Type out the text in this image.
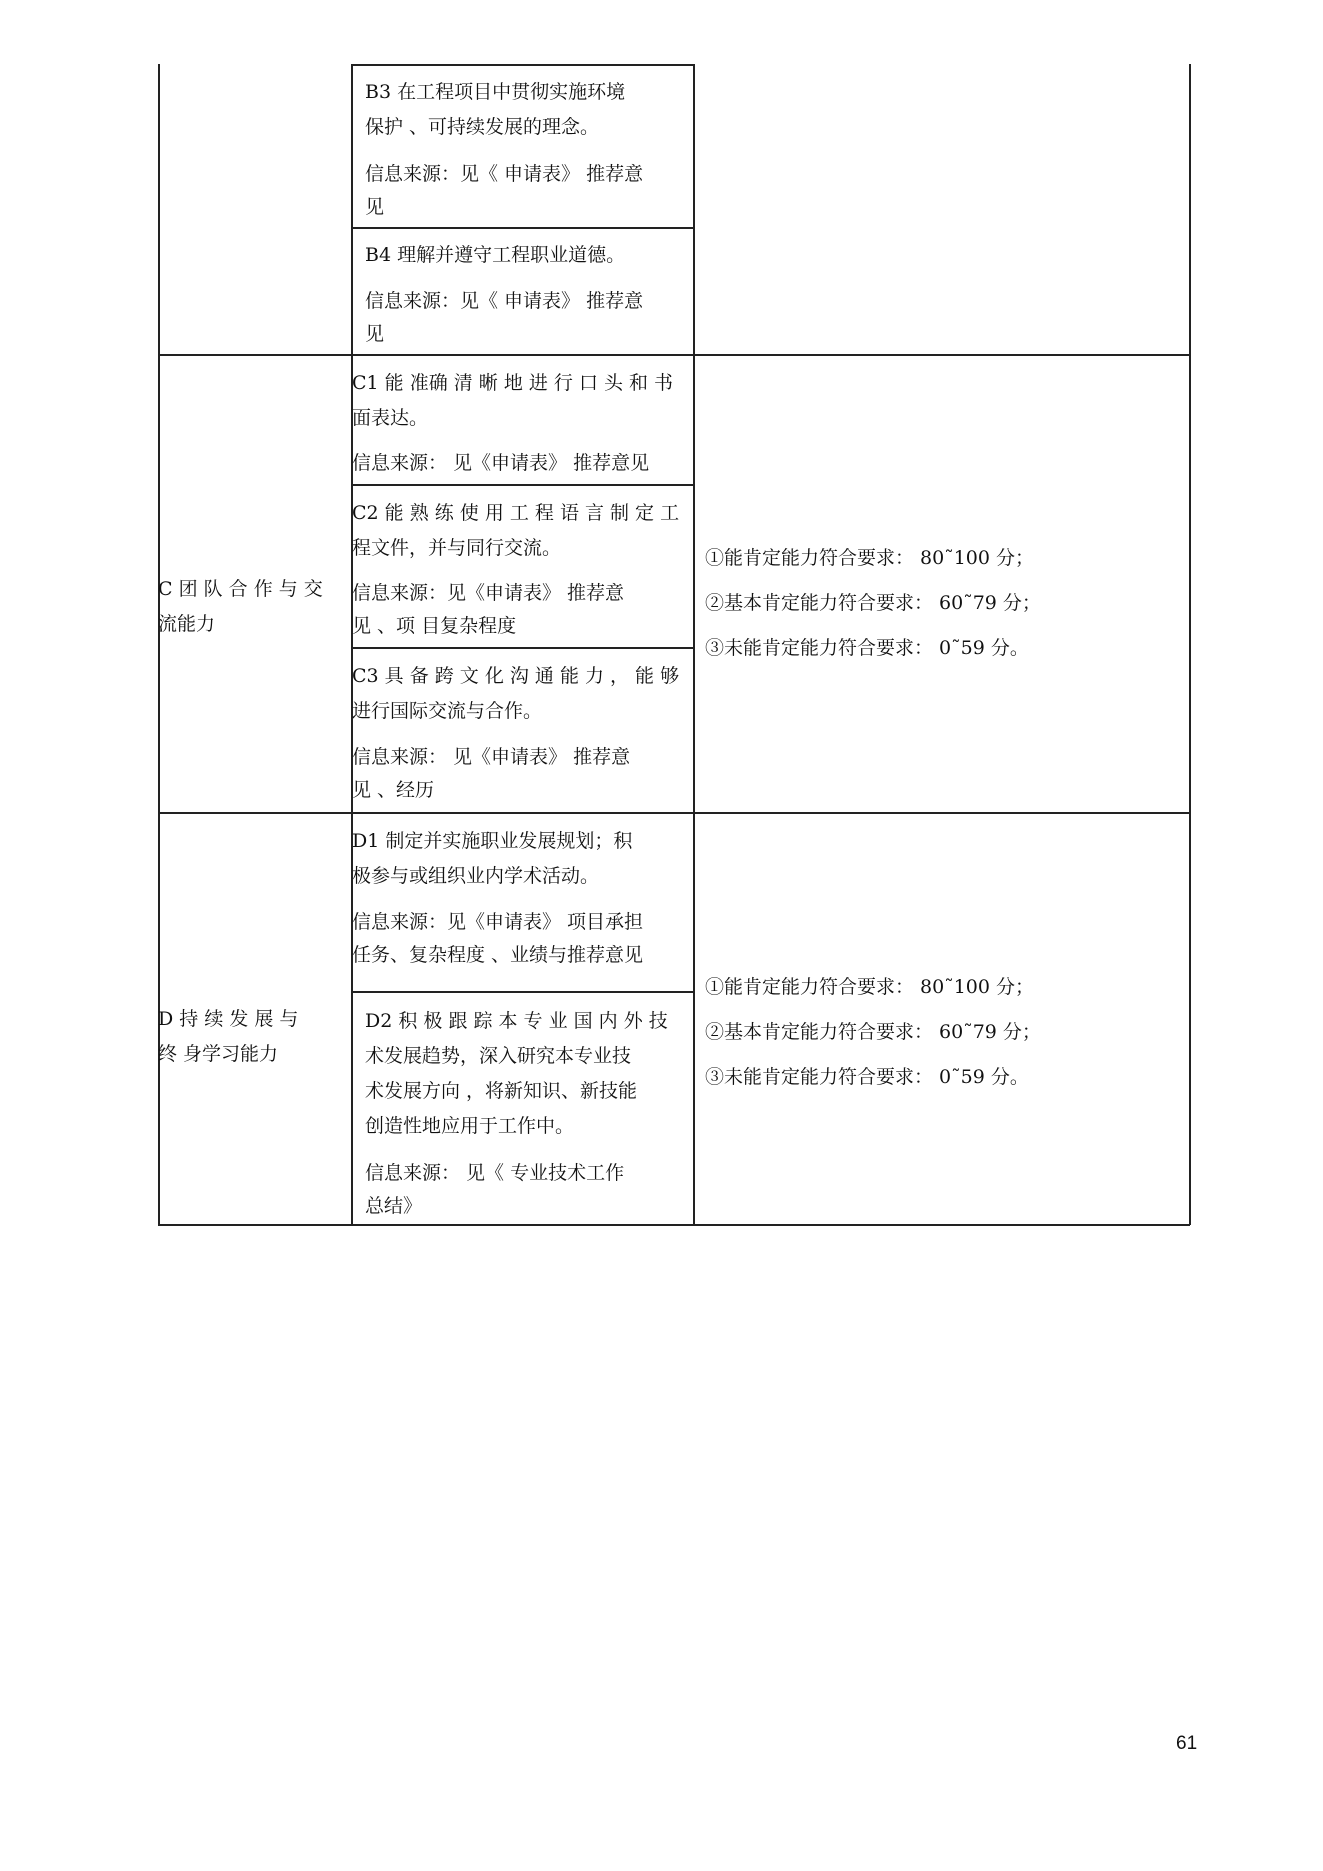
B3 在工程项目中贯彻实施环境
保护 、可持续发展的理念。
信息来源：见《 申请表》 推荐意
见
B4 理解并遵守工程职业道德。
信息来源：见《 申请表》 推荐意
见
C 团 队 合 作 与 交
流能力
C1 能 准确 清 晰 地 进 行 口 头 和 书
面表达。
信息来源： 见《申请表》 推荐意见
C2 能 熟 练 使 用 工 程 语 言 制 定 工
程文件，并与同行交流。
信息来源：见《申请表》 推荐意
见 、项 目复杂程度
C3 具 备 跨 文 化 沟 通 能 力 ， 能 够
进行国际交流与合作。
信息来源： 见《申请表》 推荐意
见 、经历
①能肯定能力符合要求： 80˜100 分；
②基本肯定能力符合要求： 60˜79 分；
③未能肯定能力符合要求： 0˜59 分。
D 持 续 发 展 与
终 身学习能力
D1 制定并实施职业发展规划；积
极参与或组织业内学术活动。
信息来源：见《申请表》 项目承担
任务、复杂程度 、业绩与推荐意见
D2 积 极 跟 踪 本 专 业 国 内 外 技
术发展趋势，深入研究本专业技
术发展方向 ，将新知识、新技能
创造性地应用于工作中。
信息来源： 见《 专业技术工作
总结》
①能肯定能力符合要求： 80˜100 分；
②基本肯定能力符合要求： 60˜79 分；
③未能肯定能力符合要求： 0˜59 分。
61
